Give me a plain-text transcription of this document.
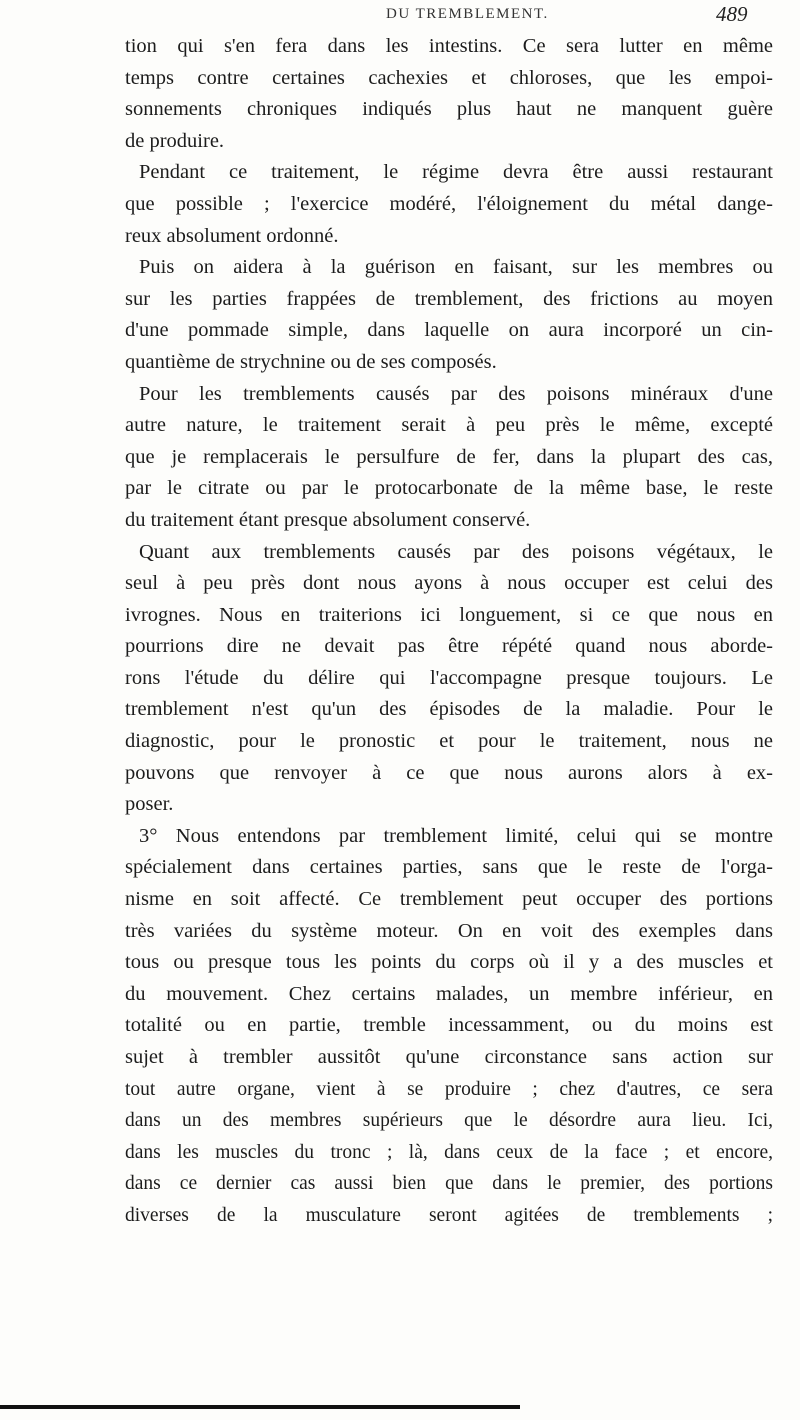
DU TREMBLEMENT.	489
tion qui s'en fera dans les intestins. Ce sera lutter en même
temps contre certaines cachexies et chloroses, que les empoi-
sonnements chroniques indiqués plus haut ne manquent guère
de produire.
Pendant ce traitement, le régime devra être aussi restaurant
que possible ; l'exercice modéré, l'éloignement du métal dange-
reux absolument ordonné.
Puis on aidera à la guérison en faisant, sur les membres ou
sur les parties frappées de tremblement, des frictions au moyen
d'une pommade simple, dans laquelle on aura incorporé un cin-
quantième de strychnine ou de ses composés.
Pour les tremblements causés par des poisons minéraux d'une
autre nature, le traitement serait à peu près le même, excepté
que je remplacerais le persulfure de fer, dans la plupart des cas,
par le citrate ou par le protocarbonate de la même base, le reste
du traitement étant presque absolument conservé.
Quant aux tremblements causés par des poisons végétaux, le
seul à peu près dont nous ayons à nous occuper est celui des
ivrognes. Nous en traiterions ici longuement, si ce que nous en
pourrions dire ne devait pas être répété quand nous aborde-
rons l'étude du délire qui l'accompagne presque toujours. Le
tremblement n'est qu'un des épisodes de la maladie. Pour le
diagnostic, pour le pronostic et pour le traitement, nous ne
pouvons que renvoyer à ce que nous aurons alors à ex-
poser.
3° Nous entendons par tremblement limité, celui qui se montre
spécialement dans certaines parties, sans que le reste de l'orga-
nisme en soit affecté. Ce tremblement peut occuper des portions
très variées du système moteur. On en voit des exemples dans
tous ou presque tous les points du corps où il y a des muscles et
du mouvement. Chez certains malades, un membre inférieur, en
totalité ou en partie, tremble incessamment, ou du moins est
sujet à trembler aussitôt qu'une circonstance sans action sur
tout autre organe, vient à se produire ; chez d'autres, ce sera
dans un des membres supérieurs que le désordre aura lieu. Ici,
dans les muscles du tronc ; là, dans ceux de la face ; et encore,
dans ce dernier cas aussi bien que dans le premier, des portions
diverses de la musculature seront agitées de tremblements ;
